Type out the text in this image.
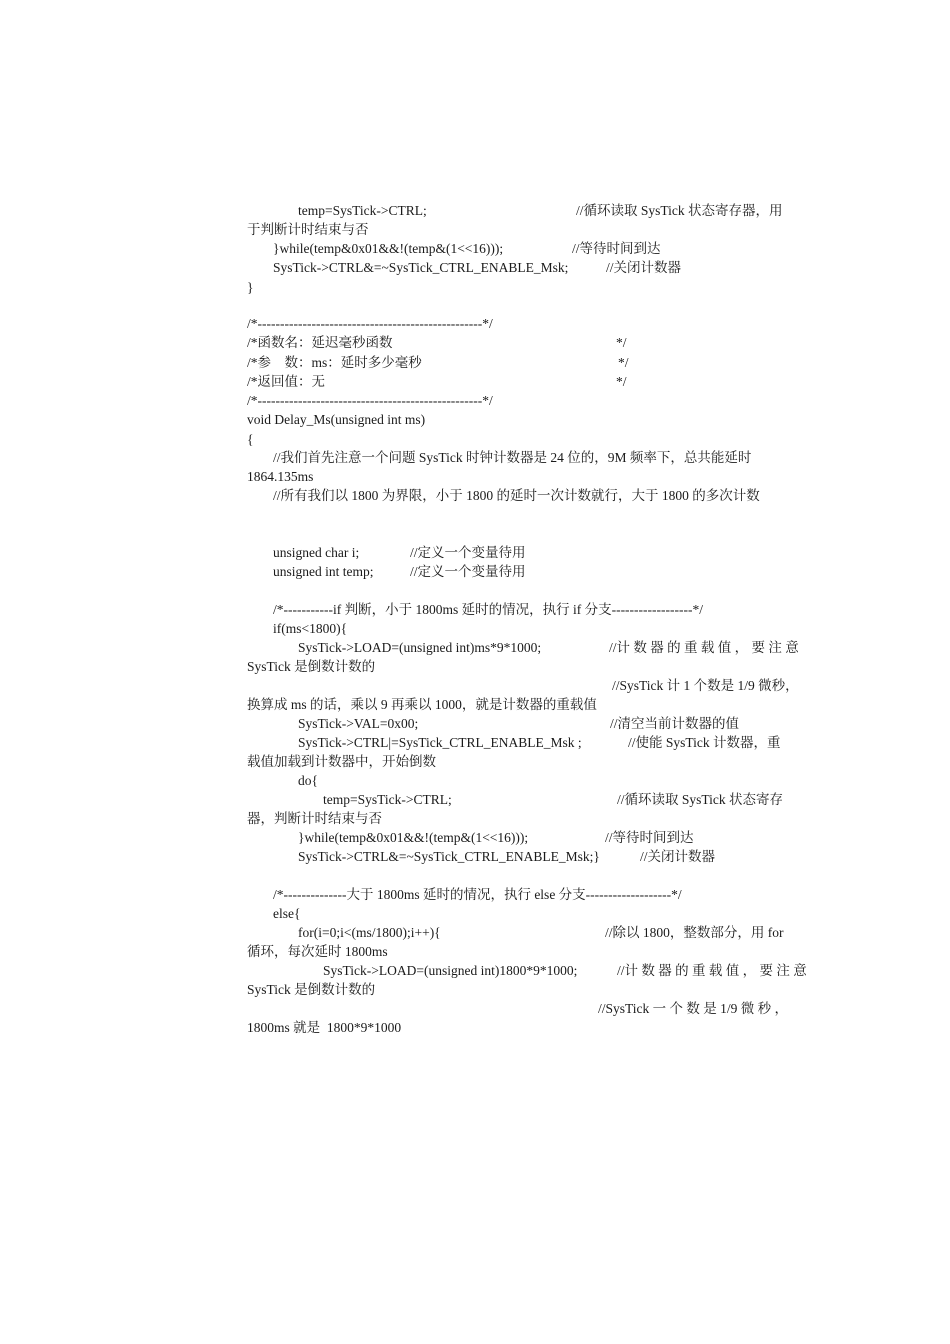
temp=SysTick->CTRL;	//循环读取 SysTick 状态寄存器，用
于判断计时结束与否
}while(temp&0x01&&!(temp&(1<<16)));	//等待时间到达
SysTick->CTRL&=~SysTick_CTRL_ENABLE_Msk;	//关闭计数器
}
/*--------------------------------------------------*/
/*函数名：延迟毫秒函数	*/
/*参    数：ms：延时多少毫秒	*/
/*返回值：无	*/
/*--------------------------------------------------*/
void Delay_Ms(unsigned int ms)
{
//我们首先注意一个问题 SysTick 时钟计数器是 24 位的，9M 频率下，总共能延时
1864.135ms
//所有我们以 1800 为界限，小于 1800 的延时一次计数就行，大于 1800 的多次计数
unsigned char i;	//定义一个变量待用
unsigned int temp;	//定义一个变量待用
/*-----------if 判断，小于 1800ms 延时的情况，执行 if 分支------------------*/
if(ms<1800){
SysTick->LOAD=(unsigned int)ms*9*1000;	//计 数 器 的 重 载 值 ， 要 注 意
SysTick 是倒数计数的
//SysTick 计 1 个数是 1/9 微秒，
换算成 ms 的话，乘以 9 再乘以 1000，就是计数器的重载值
SysTick->VAL=0x00;	//清空当前计数器的值
SysTick->CTRL|=SysTick_CTRL_ENABLE_Msk ;	//使能 SysTick 计数器，重
载值加载到计数器中，开始倒数
do{
temp=SysTick->CTRL;	//循环读取 SysTick 状态寄存
器，判断计时结束与否
}while(temp&0x01&&!(temp&(1<<16)));	//等待时间到达
SysTick->CTRL&=~SysTick_CTRL_ENABLE_Msk;}	//关闭计数器
/*--------------大于 1800ms 延时的情况，执行 else 分支-------------------*/
else{
for(i=0;i<(ms/1800);i++){	//除以 1800，整数部分，用 for
循环，每次延时 1800ms
SysTick->LOAD=(unsigned int)1800*9*1000;	//计 数 器 的 重 载 值 ， 要 注 意
SysTick 是倒数计数的
//SysTick 一 个 数 是 1/9 微 秒 ，
1800ms 就是  1800*9*1000
